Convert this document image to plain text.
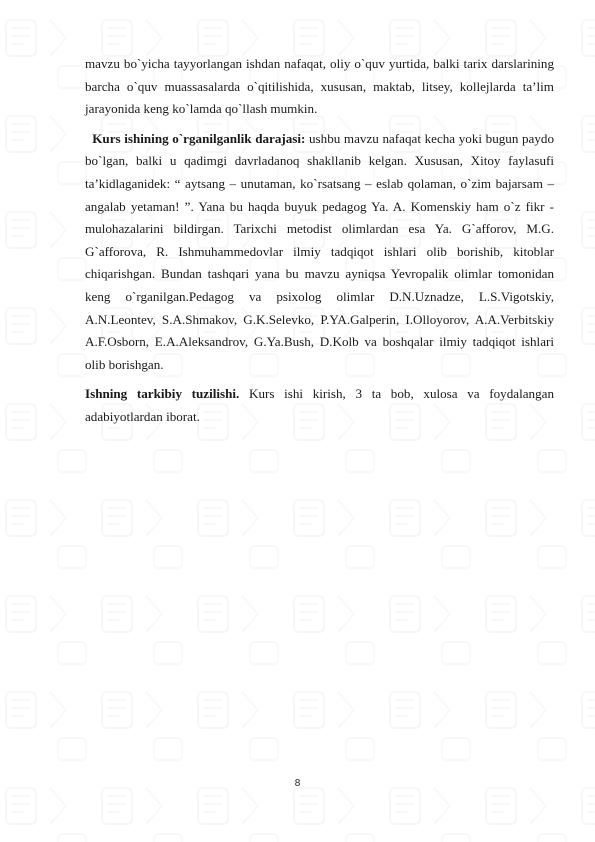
mavzu bo`yicha tayyorlangan ishdan nafaqat, oliy o`quv yurtida, balki tarix darslarining barcha o`quv muassasalarda o`qitilishida, xususan, maktab, litsey, kollejlarda ta’lim jarayonida keng ko`lamda qo`llash mumkin.

Kurs ishining o`rganilganlik darajasi: ushbu mavzu nafaqat kecha yoki bugun paydo bo`lgan, balki u qadimgi davrladanoq shakllanib kelgan. Xususan, Xitoy faylasufi ta’kidlaganidek: “ aytsang – unutaman, ko`rsatsang – eslab qolaman, o`zim bajarsam – angalab yetaman! ”. Yana bu haqda buyuk pedagog Ya. A. Komenskiy ham o`z fikr - mulohazalarini bildirgan. Tarixchi metodist olimlardan esa Ya. G`afforov, M.G. G`afforova, R. Ishmuhammedovlar ilmiy tadqiqot ishlari olib borishib, kitoblar chiqarishgan. Bundan tashqari yana bu mavzu ayniqsa Yevropalik olimlar tomonidan keng o`rganilgan.Pedagog va psixolog olimlar D.N.Uznadze, L.S.Vigotskiy, A.N.Leontev, S.A.Shmakov, G.K.Selevko, P.YA.Galperin, I.Olloyorov, A.A.Verbitskiy A.F.Osborn, E.A.Aleksandrov, G.Ya.Bush, D.Kolb va boshqalar ilmiy tadqiqot ishlari olib borishgan.

Ishning tarkibiy tuzilishi. Kurs ishi kirish, 3 ta bob, xulosa va foydalangan adabiyotlardan iborat.

8
